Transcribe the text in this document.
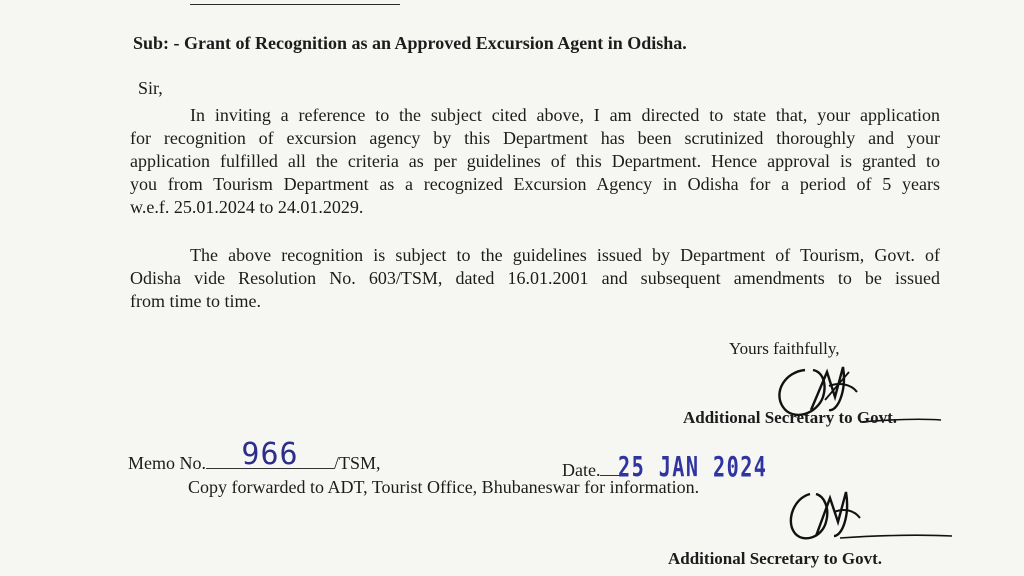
Sub: - Grant of Recognition as an Approved Excursion Agent in Odisha.
Sir,
In inviting a reference to the subject cited above, I am directed to state that, your application
for recognition of excursion agency by this Department has been scrutinized thoroughly and your
application fulfilled all the criteria as per guidelines of this Department. Hence approval is granted to
you from Tourism Department as a recognized Excursion Agency in Odisha for a period of 5 years
w.e.f. 25.01.2024 to 24.01.2029.
The above recognition is subject to the guidelines issued by Department of Tourism, Govt. of
Odisha vide Resolution No. 603/TSM, dated 16.01.2001 and subsequent amendments to be issued
from time to time.
Yours faithfully,
Additional Secretary to Govt.
Memo No. 966 /TSM,	Date. 25 JAN 2024
Copy forwarded to ADT, Tourist Office, Bhubaneswar for information.
Additional Secretary to Govt.
